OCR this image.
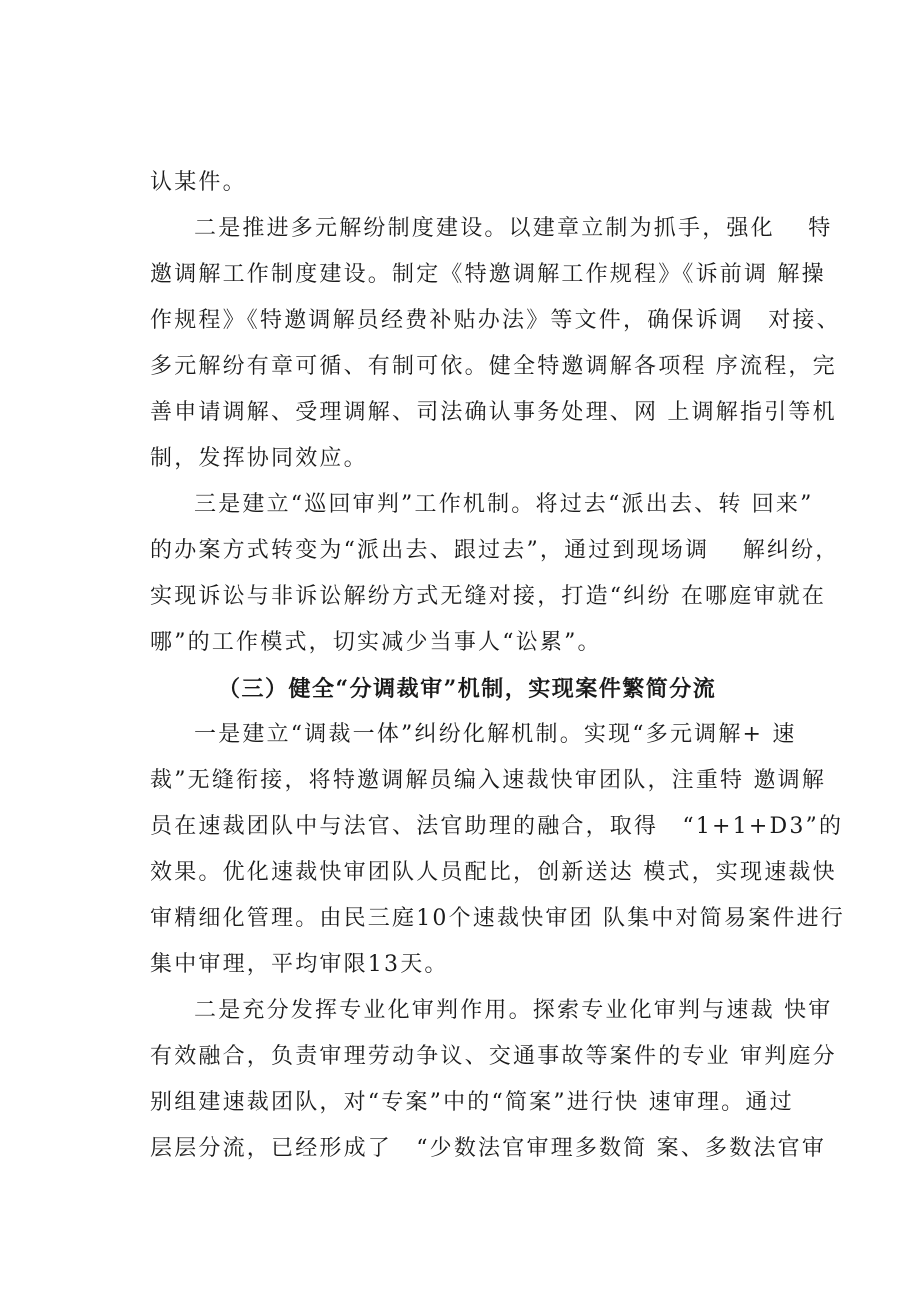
认某件。
二是推进多元解纷制度建设。以建章立制为抓手，强化　 特
邀调解工作制度建设。制定《特邀调解工作规程》《诉前调 解操
作规程》《特邀调解员经费补贴办法》等文件，确保诉调　对接、
多元解纷有章可循、有制可依。健全特邀调解各项程 序流程，完
善申请调解、受理调解、司法确认事务处理、网 上调解指引等机
制，发挥协同效应。
三是建立“巡回审判”工作机制。将过去“派出去、转 回来”
的办案方式转变为“派出去、跟过去”，通过到现场调　 解纠纷，
实现诉讼与非诉讼解纷方式无缝对接，打造“纠纷 在哪庭审就在
哪”的工作模式，切实减少当事人“讼累”。
（三）健全“分调裁审”机制，实现案件繁简分流
一是建立“调裁一体”纠纷化解机制。实现“多元调解+ 速
裁”无缝衔接，将特邀调解员编入速裁快审团队，注重特 邀调解
员在速裁团队中与法官、法官助理的融合，取得　“1+1+D3”的
效果。优化速裁快审团队人员配比，创新送达 模式，实现速裁快
审精细化管理。由民三庭10个速裁快审团 队集中对简易案件进行
集中审理，平均审限13天。
二是充分发挥专业化审判作用。探索专业化审判与速裁 快审
有效融合，负责审理劳动争议、交通事故等案件的专业 审判庭分
别组建速裁团队，对“专案”中的“简案”进行快 速审理。通过
层层分流，已经形成了　“少数法官审理多数简 案、多数法官审
